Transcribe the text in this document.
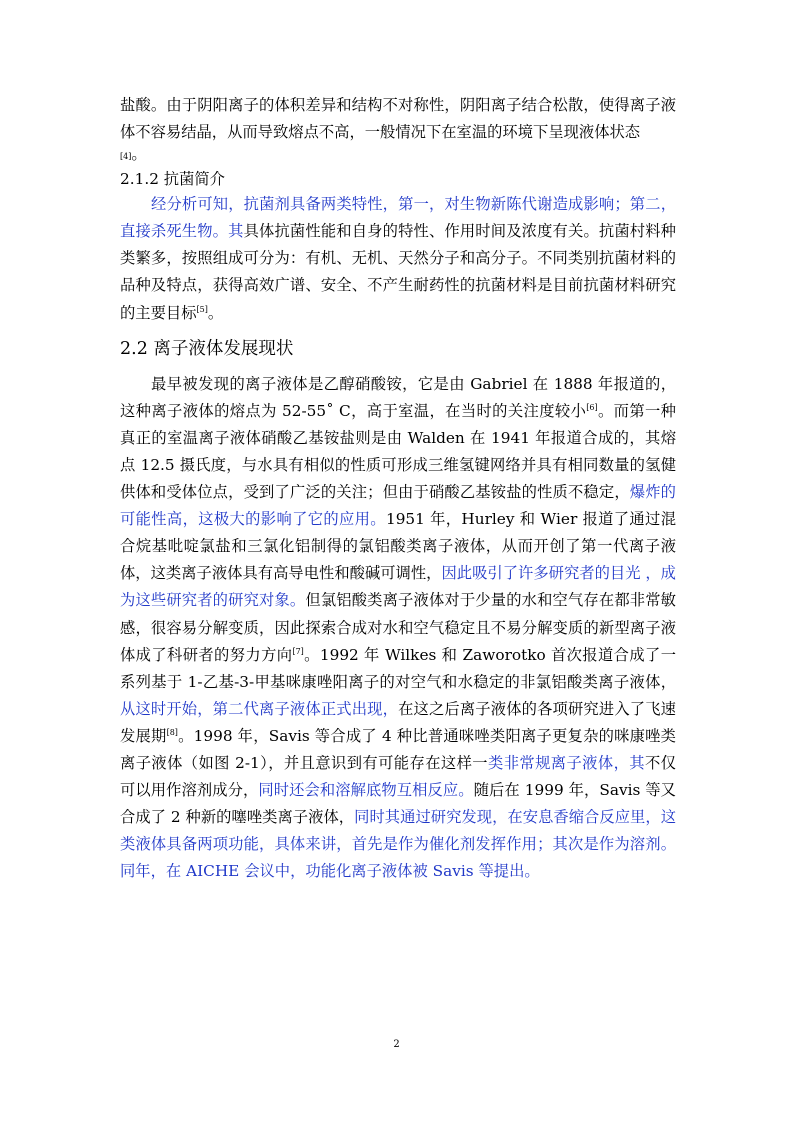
盐酸。由于阴阳离子的体积差异和结构不对称性，阴阳离子结合松散，使得离子液体不容易结晶，从而导致熔点不高，一般情况下在室温的环境下呈现液体状态

[4]。

2.1.2 抗菌简介

经分析可知，抗菌剂具备两类特性，第一，对生物新陈代谢造成影响；第二，直接杀死生物。其具体抗菌性能和自身的特性、作用时间及浓度有关。抗菌村料种类繁多，按照组成可分为：有机、无机、天然分子和高分子。不同类别抗菌材料的品种及特点，获得高效广谱、安全、不产生耐药性的抗菌材料是目前抗菌材料研究的主要目标[5]。

2.2 离子液体发展现状

最早被发现的离子液体是乙醇硝酸铵，它是由 Gabriel 在 1888 年报道的，这种离子液体的熔点为 52-55˚ C，高于室温，在当时的关注度较小[6]。而第一种真正的室温离子液体硝酸乙基铵盐则是由 Walden 在 1941 年报道合成的，其熔点 12.5 摄氏度，与水具有相似的性质可形成三维氢键网络并具有相同数量的氢健供体和受体位点，受到了广泛的关注；但由于硝酸乙基铵盐的性质不稳定，爆炸的可能性高，这极大的影响了它的应用。1951 年，Hurley 和 Wier 报道了通过混合烷基吡啶氯盐和三氯化铝制得的氯铝酸类离子液体，从而开创了第一代离子液体，这类离子液体具有高导电性和酸碱可调性，因此吸引了许多研究者的目光 ，成为这些研究者的研究对象。但氯铝酸类离子液体对于少量的水和空气存在都非常敏感，很容易分解变质，因此探索合成对水和空气稳定且不易分解变质的新型离子液体成了科研者的努力方向[7]。1992 年 Wilkes 和 Zaworotko 首次报道合成了一系列基于 1-乙基-3-甲基咪康唑阳离子的对空气和水稳定的非氯铝酸类离子液体，从这时开始，第二代离子液体正式出现，在这之后离子液体的各项研究进入了飞速发展期[8]。1998 年，Savis 等合成了 4 种比普通咪唑类阳离子更复杂的咪康唑类离子液体（如图 2-1），并且意识到有可能存在这样一类非常规离子液体，其不仅可以用作溶剂成分，同时还会和溶解底物互相反应。随后在 1999 年，Savis 等又合成了 2 种新的噻唑类离子液体，同时其通过研究发现，在安息香缩合反应里，这类液体具备两项功能，具体来讲，首先是作为催化剂发挥作用；其次是作为溶剂。同年，在 AICHE 会议中，功能化离子液体被 Savis 等提出。

2
